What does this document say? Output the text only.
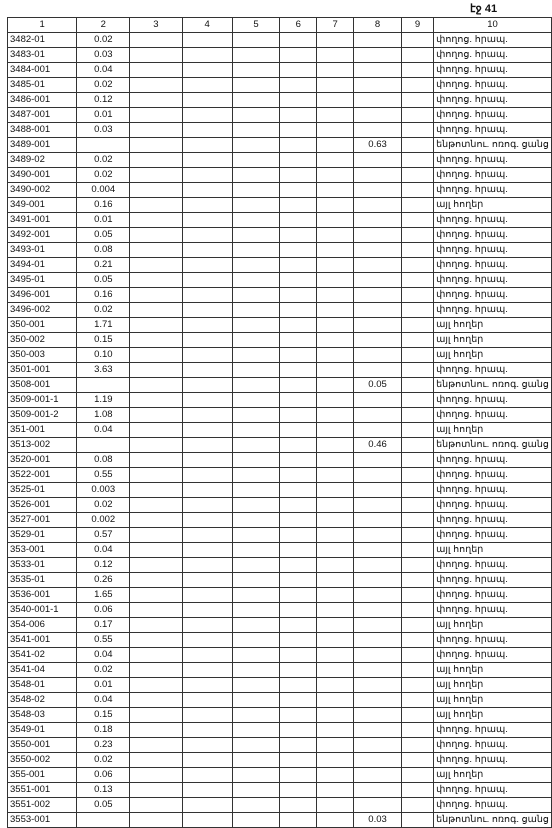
էջ 41
1	2	3	4	5	6	7	8	9	10
3482-01	0.02								փողոց. հրապ.
3483-01	0.03								փողոց. հրապ.
3484-001	0.04								փողոց. հրապ.
3485-01	0.02								փողոց. հրապ.
3486-001	0.12								փողոց. հրապ.
3487-001	0.01								փողոց. հրապ.
3488-001	0.03								փողոց. հրապ.
3489-001							0.63		ենթոտնու. ոռոգ. ցանց
3489-02	0.02								փողոց. հրապ.
3490-001	0.02								փողոց. հրապ.
3490-002	0.004								փողոց. հրապ.
349-001	0.16								այլ հողեր
3491-001	0.01								փողոց. հրապ.
3492-001	0.05								փողոց. հրապ.
3493-01	0.08								փողոց. հրապ.
3494-01	0.21								փողոց. հրապ.
3495-01	0.05								փողոց. հրապ.
3496-001	0.16								փողոց. հրապ.
3496-002	0.02								փողոց. հրապ.
350-001	1.71								այլ հողեր
350-002	0.15								այլ հողեր
350-003	0.10								այլ հողեր
3501-001	3.63								փողոց. հրապ.
3508-001							0.05		ենթոտնու. ոռոգ. ցանց
3509-001-1	1.19								փողոց. հրապ.
3509-001-2	1.08								փողոց. հրապ.
351-001	0.04								այլ հողեր
3513-002							0.46		ենթոտնու. ոռոգ. ցանց
3520-001	0.08								փողոց. հրապ.
3522-001	0.55								փողոց. հրապ.
3525-01	0.003								փողոց. հրապ.
3526-001	0.02								փողոց. հրապ.
3527-001	0.002								փողոց. հրապ.
3529-01	0.57								փողոց. հրապ.
353-001	0.04								այլ հողեր
3533-01	0.12								փողոց. հրապ.
3535-01	0.26								փողոց. հրապ.
3536-001	1.65								փողոց. հրապ.
3540-001-1	0.06								փողոց. հրապ.
354-006	0.17								այլ հողեր
3541-001	0.55								փողոց. հրապ.
3541-02	0.04								փողոց. հրապ.
3541-04	0.02								այլ հողեր
3548-01	0.01								այլ հողեր
3548-02	0.04								այլ հողեր
3548-03	0.15								այլ հողեր
3549-01	0.18								փողոց. հրապ.
3550-001	0.23								փողոց. հրապ.
3550-002	0.02								փողոց. հրապ.
355-001	0.06								այլ հողեր
3551-001	0.13								փողոց. հրապ.
3551-002	0.05								փողոց. հրապ.
3553-001							0.03		ենթոտնու. ոռոգ. ցանց
